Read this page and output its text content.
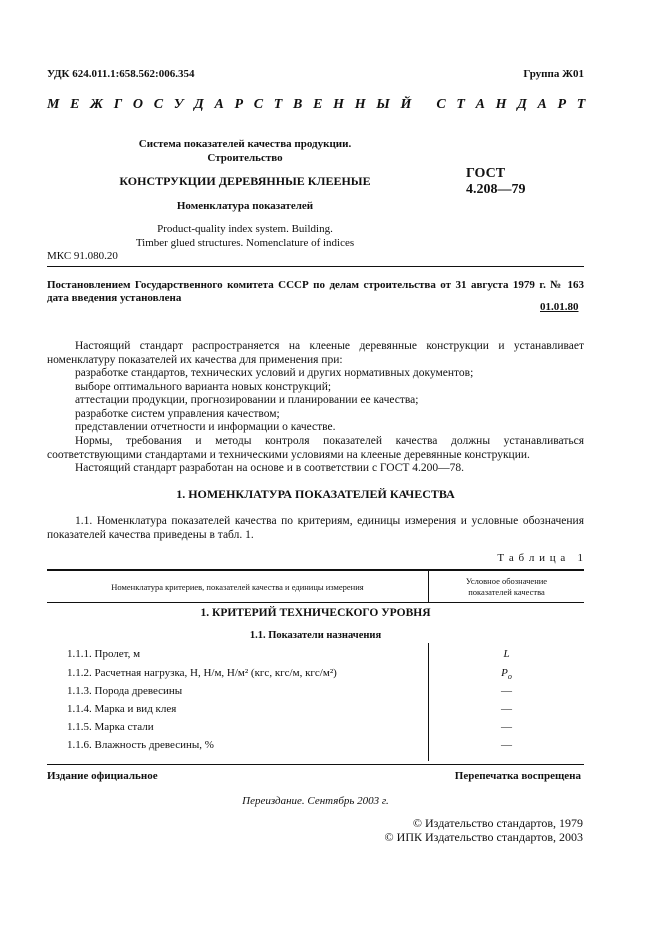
УДК 624.011.1:658.562:006.354	Группа Ж01
М Е Ж Г О С У Д А Р С Т В Е Н Н Ы Й   С Т А Н Д А Р Т
Система показателей качества продукции.
Строительство
КОНСТРУКЦИИ ДЕРЕВЯННЫЕ КЛЕЕНЫЕ
Номенклатура показателей
Product-quality index system. Building.
Timber glued structures. Nomenclature of indices
ГОСТ
4.208—79
МКС 91.080.20
Постановлением Государственного комитета СССР по делам строительства от 31 августа 1979 г. № 163 дата введения установлена
01.01.80
Настоящий стандарт распространяется на клееные деревянные конструкции и устанавливает номенклатуру показателей их качества для применения при:
разработке стандартов, технических условий и других нормативных документов;
выборе оптимального варианта новых конструкций;
аттестации продукции, прогнозировании и планировании ее качества;
разработке систем управления качеством;
представлении отчетности и информации о качестве.
Нормы, требования и методы контроля показателей качества должны устанавливаться соответствующими стандартами и техническими условиями на клееные деревянные конструкции.
Настоящий стандарт разработан на основе и в соответствии с ГОСТ 4.200—78.
1. НОМЕНКЛАТУРА ПОКАЗАТЕЛЕЙ КАЧЕСТВА
1.1. Номенклатура показателей качества по критериям, единицы измерения и условные обозначения показателей качества приведены в табл. 1.
Т а б л и ц а   1
Номенклатура критериев, показателей качества и единицы измерения
Условное обозначение
показателей качества
1. КРИТЕРИЙ ТЕХНИЧЕСКОГО УРОВНЯ
1.1. Показатели назначения
1.1.1. Пролет, м	L
1.1.2. Расчетная нагрузка, Н, Н/м, Н/м² (кгс, кгс/м, кгс/м²)	$P_o$
1.1.3. Порода древесины	—
1.1.4. Марка и вид клея	—
1.1.5. Марка стали	—
1.1.6. Влажность древесины, %	—
Издание официальное	Перепечатка воспрещена
Переиздание. Сентябрь 2003 г.
© Издательство стандартов, 1979
© ИПК Издательство стандартов, 2003
